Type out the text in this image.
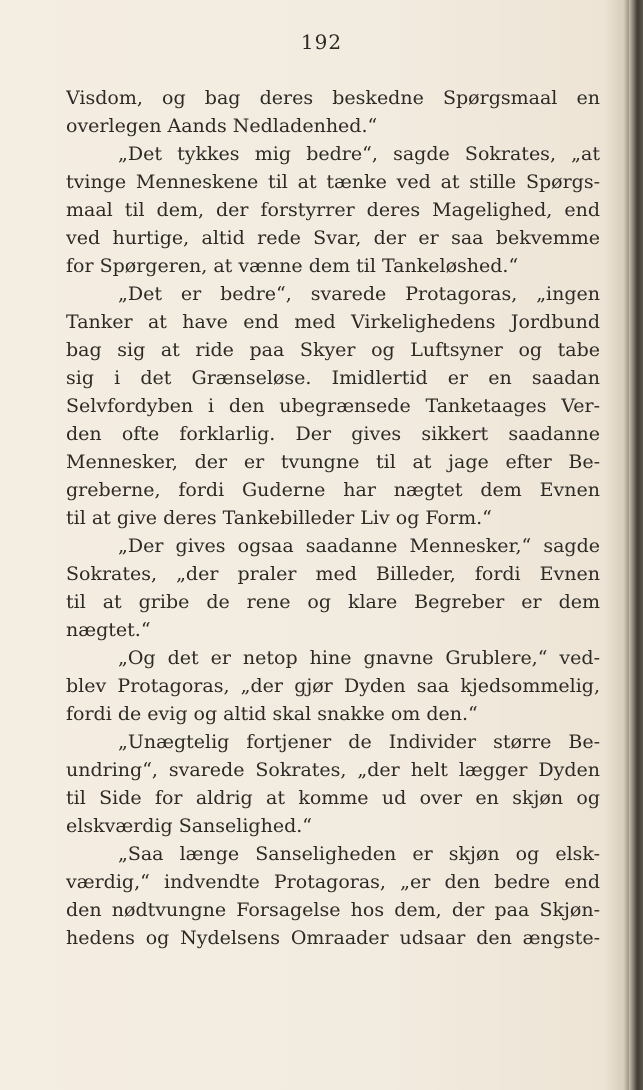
192
Visdom, og bag deres beskedne Spørgsmaal en
overlegen Aands Nedladenhed.“
„Det tykkes mig bedre“, sagde Sokrates, „at
tvinge Menneskene til at tænke ved at stille Spørgs-
maal til dem, der forstyrrer deres Magelighed, end
ved hurtige, altid rede Svar, der er saa bekvemme
for Spørgeren, at vænne dem til Tankeløshed.“
„Det er bedre“, svarede Protagoras, „ingen
Tanker at have end med Virkelighedens Jordbund
bag sig at ride paa Skyer og Luftsyner og tabe
sig i det Grænseløse. Imidlertid er en saadan
Selvfordyben i den ubegrænsede Tanketaages Ver-
den ofte forklarlig. Der gives sikkert saadanne
Mennesker, der er tvungne til at jage efter Be-
greberne, fordi Guderne har nægtet dem Evnen
til at give deres Tankebilleder Liv og Form.“
„Der gives ogsaa saadanne Mennesker,“ sagde
Sokrates, „der praler med Billeder, fordi Evnen
til at gribe de rene og klare Begreber er dem
nægtet.“
„Og det er netop hine gnavne Grublere,“ ved-
blev Protagoras, „der gjør Dyden saa kjedsommelig,
fordi de evig og altid skal snakke om den.“
„Unægtelig fortjener de Individer større Be-
undring“, svarede Sokrates, „der helt lægger Dyden
til Side for aldrig at komme ud over en skjøn og
elskværdig Sanselighed.“
„Saa længe Sanseligheden er skjøn og elsk-
værdig,“ indvendte Protagoras, „er den bedre end
den nødtvungne Forsagelse hos dem, der paa Skjøn-
hedens og Nydelsens Omraader udsaar den ængste-
